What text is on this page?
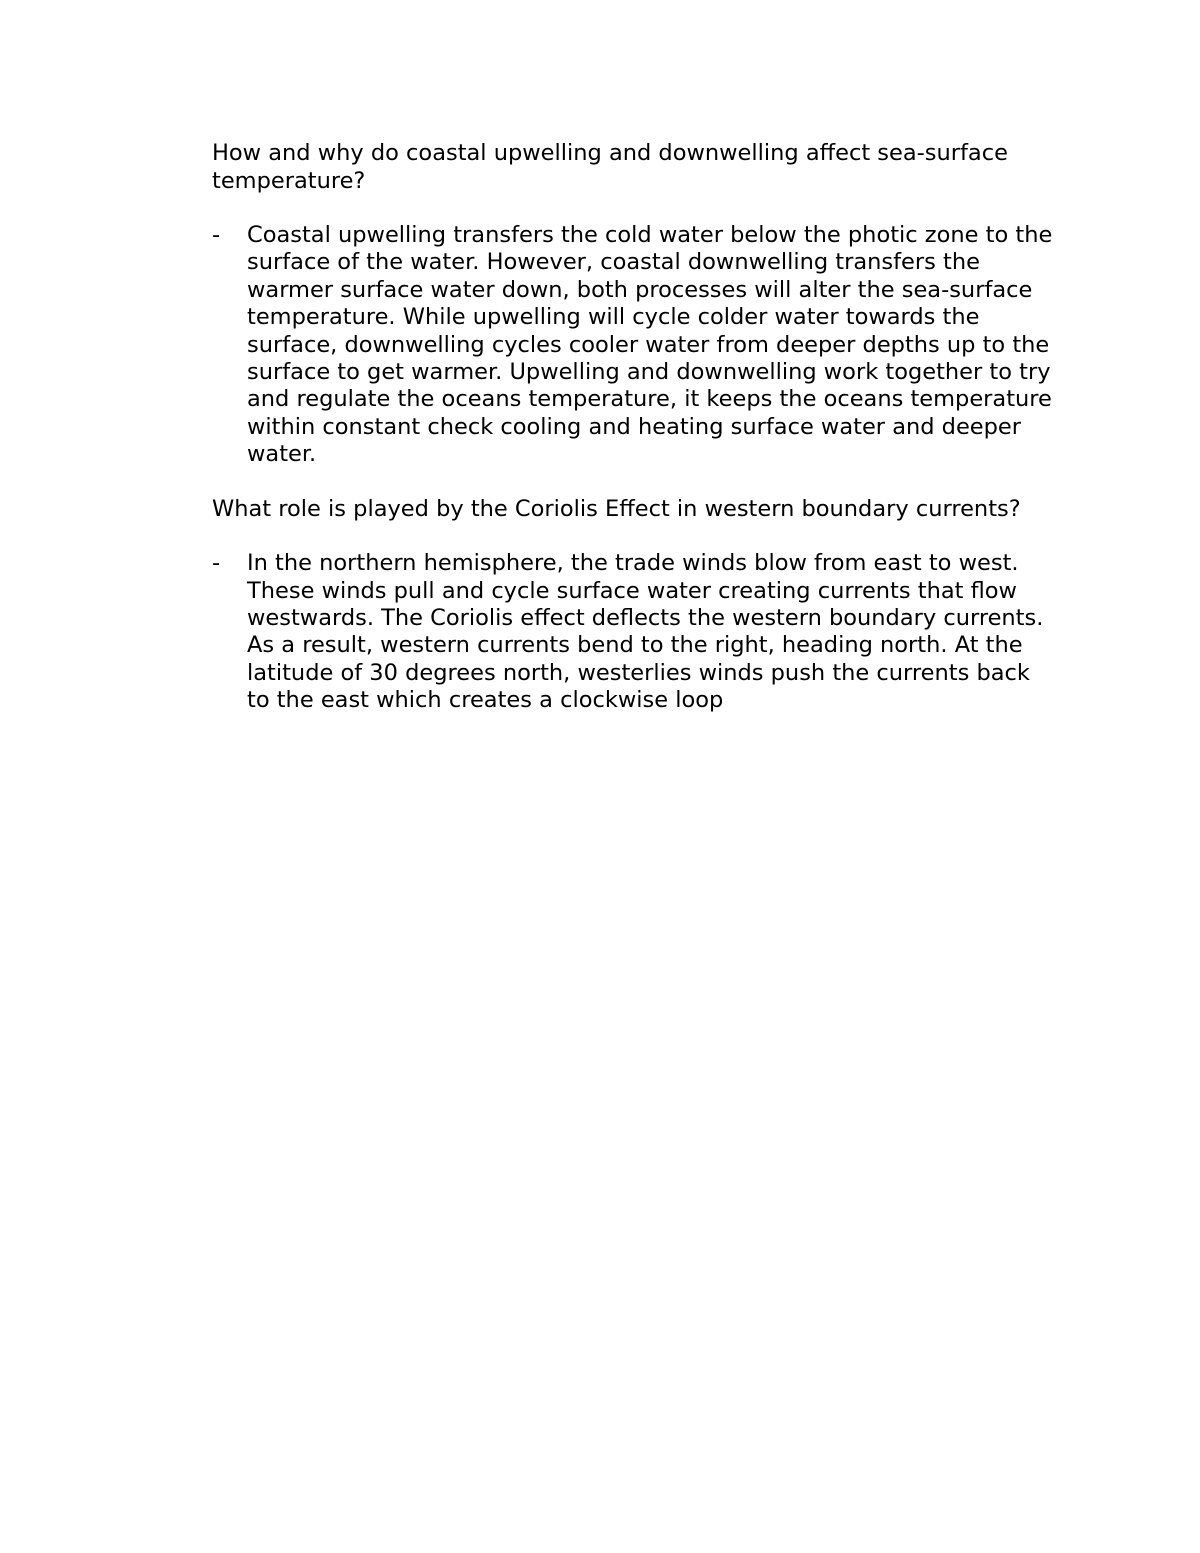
How and why do coastal upwelling and downwelling affect sea-surface temperature?

- Coastal upwelling transfers the cold water below the photic zone to the surface of the water. However, coastal downwelling transfers the warmer surface water down, both processes will alter the sea-surface temperature. While upwelling will cycle colder water towards the surface, downwelling cycles cooler water from deeper depths up to the surface to get warmer. Upwelling and downwelling work together to try and regulate the oceans temperature, it keeps the oceans temperature within constant check cooling and heating surface water and deeper water.

What role is played by the Coriolis Effect in western boundary currents?

- In the northern hemisphere, the trade winds blow from east to west. These winds pull and cycle surface water creating currents that flow westwards. The Coriolis effect deflects the western boundary currents. As a result, western currents bend to the right, heading north. At the latitude of 30 degrees north, westerlies winds push the currents back to the east which creates a clockwise loop
